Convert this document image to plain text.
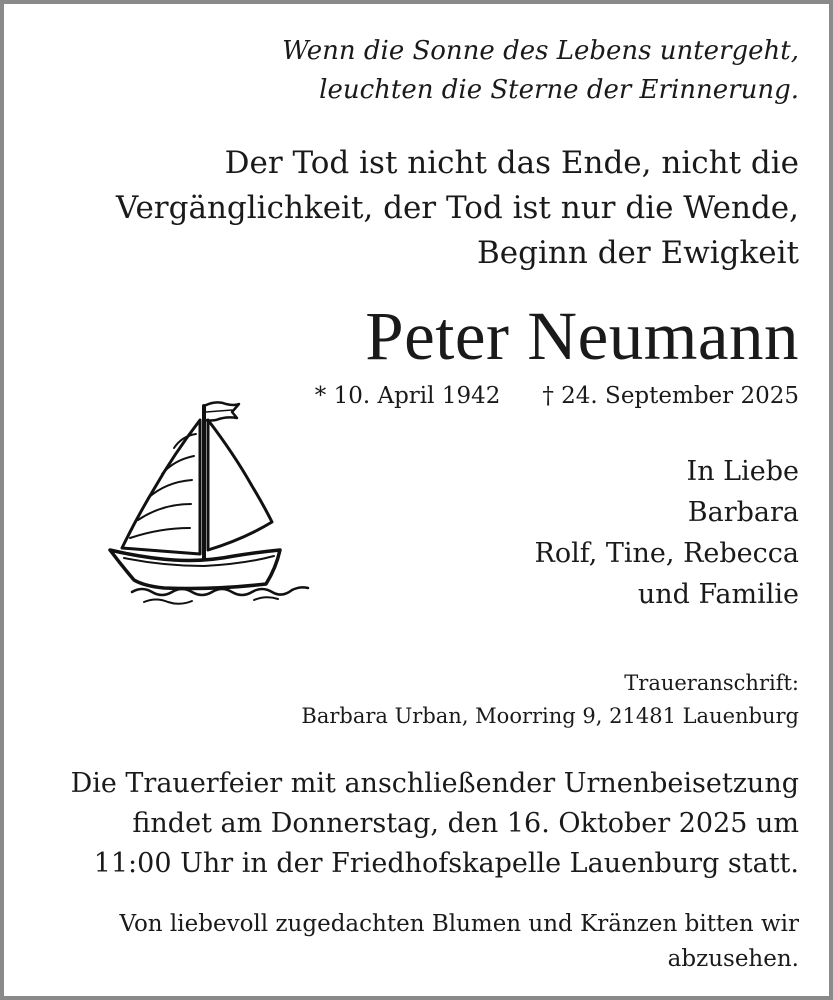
Wenn die Sonne des Lebens untergeht,
leuchten die Sterne der Erinnerung.
Der Tod ist nicht das Ende, nicht die
Vergänglichkeit, der Tod ist nur die Wende,
Beginn der Ewigkeit
Peter Neumann
* 10. April 1942 † 24. September 2025
In Liebe
Barbara
Rolf, Tine, Rebecca
und Familie
Traueranschrift:
Barbara Urban, Moorring 9, 21481 Lauenburg
Die Trauerfeier mit anschließender Urnenbeisetzung
findet am Donnerstag, den 16. Oktober 2025 um
11:00 Uhr in der Friedhofskapelle Lauenburg statt.
Von liebevoll zugedachten Blumen und Kränzen bitten wir
abzusehen.
